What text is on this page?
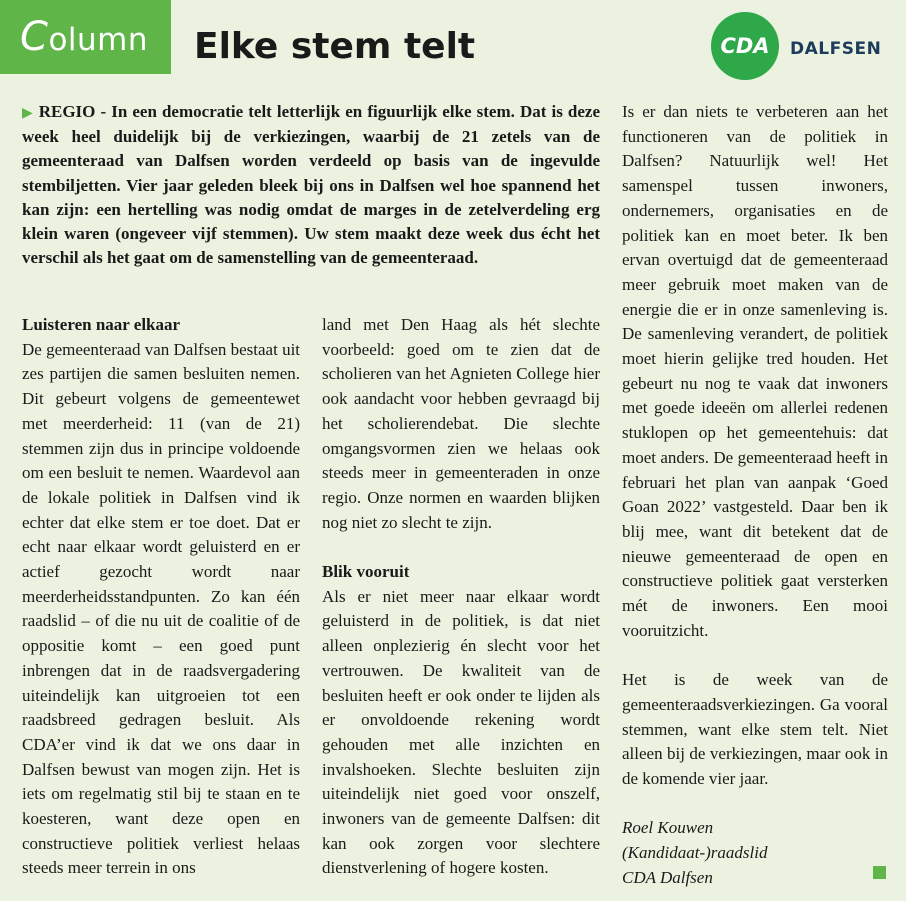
Column	Elke stem telt	CDA	DALFSEN
▶ REGIO - In een democratie telt letterlijk en figuurlijk elke stem. Dat is deze week heel duidelijk bij de verkiezingen, waarbij de 21 zetels van de gemeenteraad van Dalfsen worden verdeeld op basis van de ingevulde stembiljetten. Vier jaar geleden bleek bij ons in Dalfsen wel hoe spannend het kan zijn: een hertelling was nodig omdat de marges in de zetelverdeling erg klein waren (ongeveer vijf stemmen). Uw stem maakt deze week dus écht het verschil als het gaat om de samenstelling van de gemeenteraad.

Luisteren naar elkaar

De gemeenteraad van Dalfsen bestaat uit zes partijen die samen besluiten nemen. Dit gebeurt volgens de gemeentewet met meerderheid: 11 (van de 21) stemmen zijn dus in principe voldoende om een besluit te nemen. Waardevol aan de lokale politiek in Dalfsen vind ik echter dat elke stem er toe doet. Dat er echt naar elkaar wordt geluisterd en er actief gezocht wordt naar meerderheidsstandpunten. Zo kan één raadslid – of die nu uit de coalitie of de oppositie komt – een goed punt inbrengen dat in de raadsvergadering uiteindelijk kan uitgroeien tot een raadsbreed gedragen besluit. Als CDA’er vind ik dat we ons daar in Dalfsen bewust van mogen zijn. Het is iets om regelmatig stil bij te staan en te koesteren, want deze open en constructieve politiek verliest helaas steeds meer terrein in ons

land met Den Haag als hét slechte voorbeeld: goed om te zien dat de scholieren van het Agnieten College hier ook aandacht voor hebben gevraagd bij het scholierendebat. Die slechte omgangsvormen zien we helaas ook steeds meer in gemeenteraden in onze regio. Onze normen en waarden blijken nog niet zo slecht te zijn.

Blik vooruit

Als er niet meer naar elkaar wordt geluisterd in de politiek, is dat niet alleen onplezierig én slecht voor het vertrouwen. De kwaliteit van de besluiten heeft er ook onder te lijden als er onvoldoende rekening wordt gehouden met alle inzichten en invalshoeken. Slechte besluiten zijn uiteindelijk niet goed voor onszelf, inwoners van de gemeente Dalfsen: dit kan ook zorgen voor slechtere dienstverlening of hogere kosten.

Is er dan niets te verbeteren aan het functioneren van de politiek in Dalfsen? Natuurlijk wel! Het samenspel tussen inwoners, ondernemers, organisaties en de politiek kan en moet beter. Ik ben ervan overtuigd dat de gemeenteraad meer gebruik moet maken van de energie die er in onze samenleving is. De samenleving verandert, de politiek moet hierin gelijke tred houden. Het gebeurt nu nog te vaak dat inwoners met goede ideeën om allerlei redenen stuklopen op het gemeentehuis: dat moet anders. De gemeenteraad heeft in februari het plan van aanpak ‘Goed Goan 2022’ vastgesteld. Daar ben ik blij mee, want dit betekent dat de nieuwe gemeenteraad de open en constructieve politiek gaat versterken mét de inwoners. Een mooi vooruitzicht.

Het is de week van de gemeenteraadsverkiezingen. Ga vooral stemmen, want elke stem telt. Niet alleen bij de verkiezingen, maar ook in de komende vier jaar.

Roel Kouwen

(Kandidaat-)raadslid

CDA Dalfsen
